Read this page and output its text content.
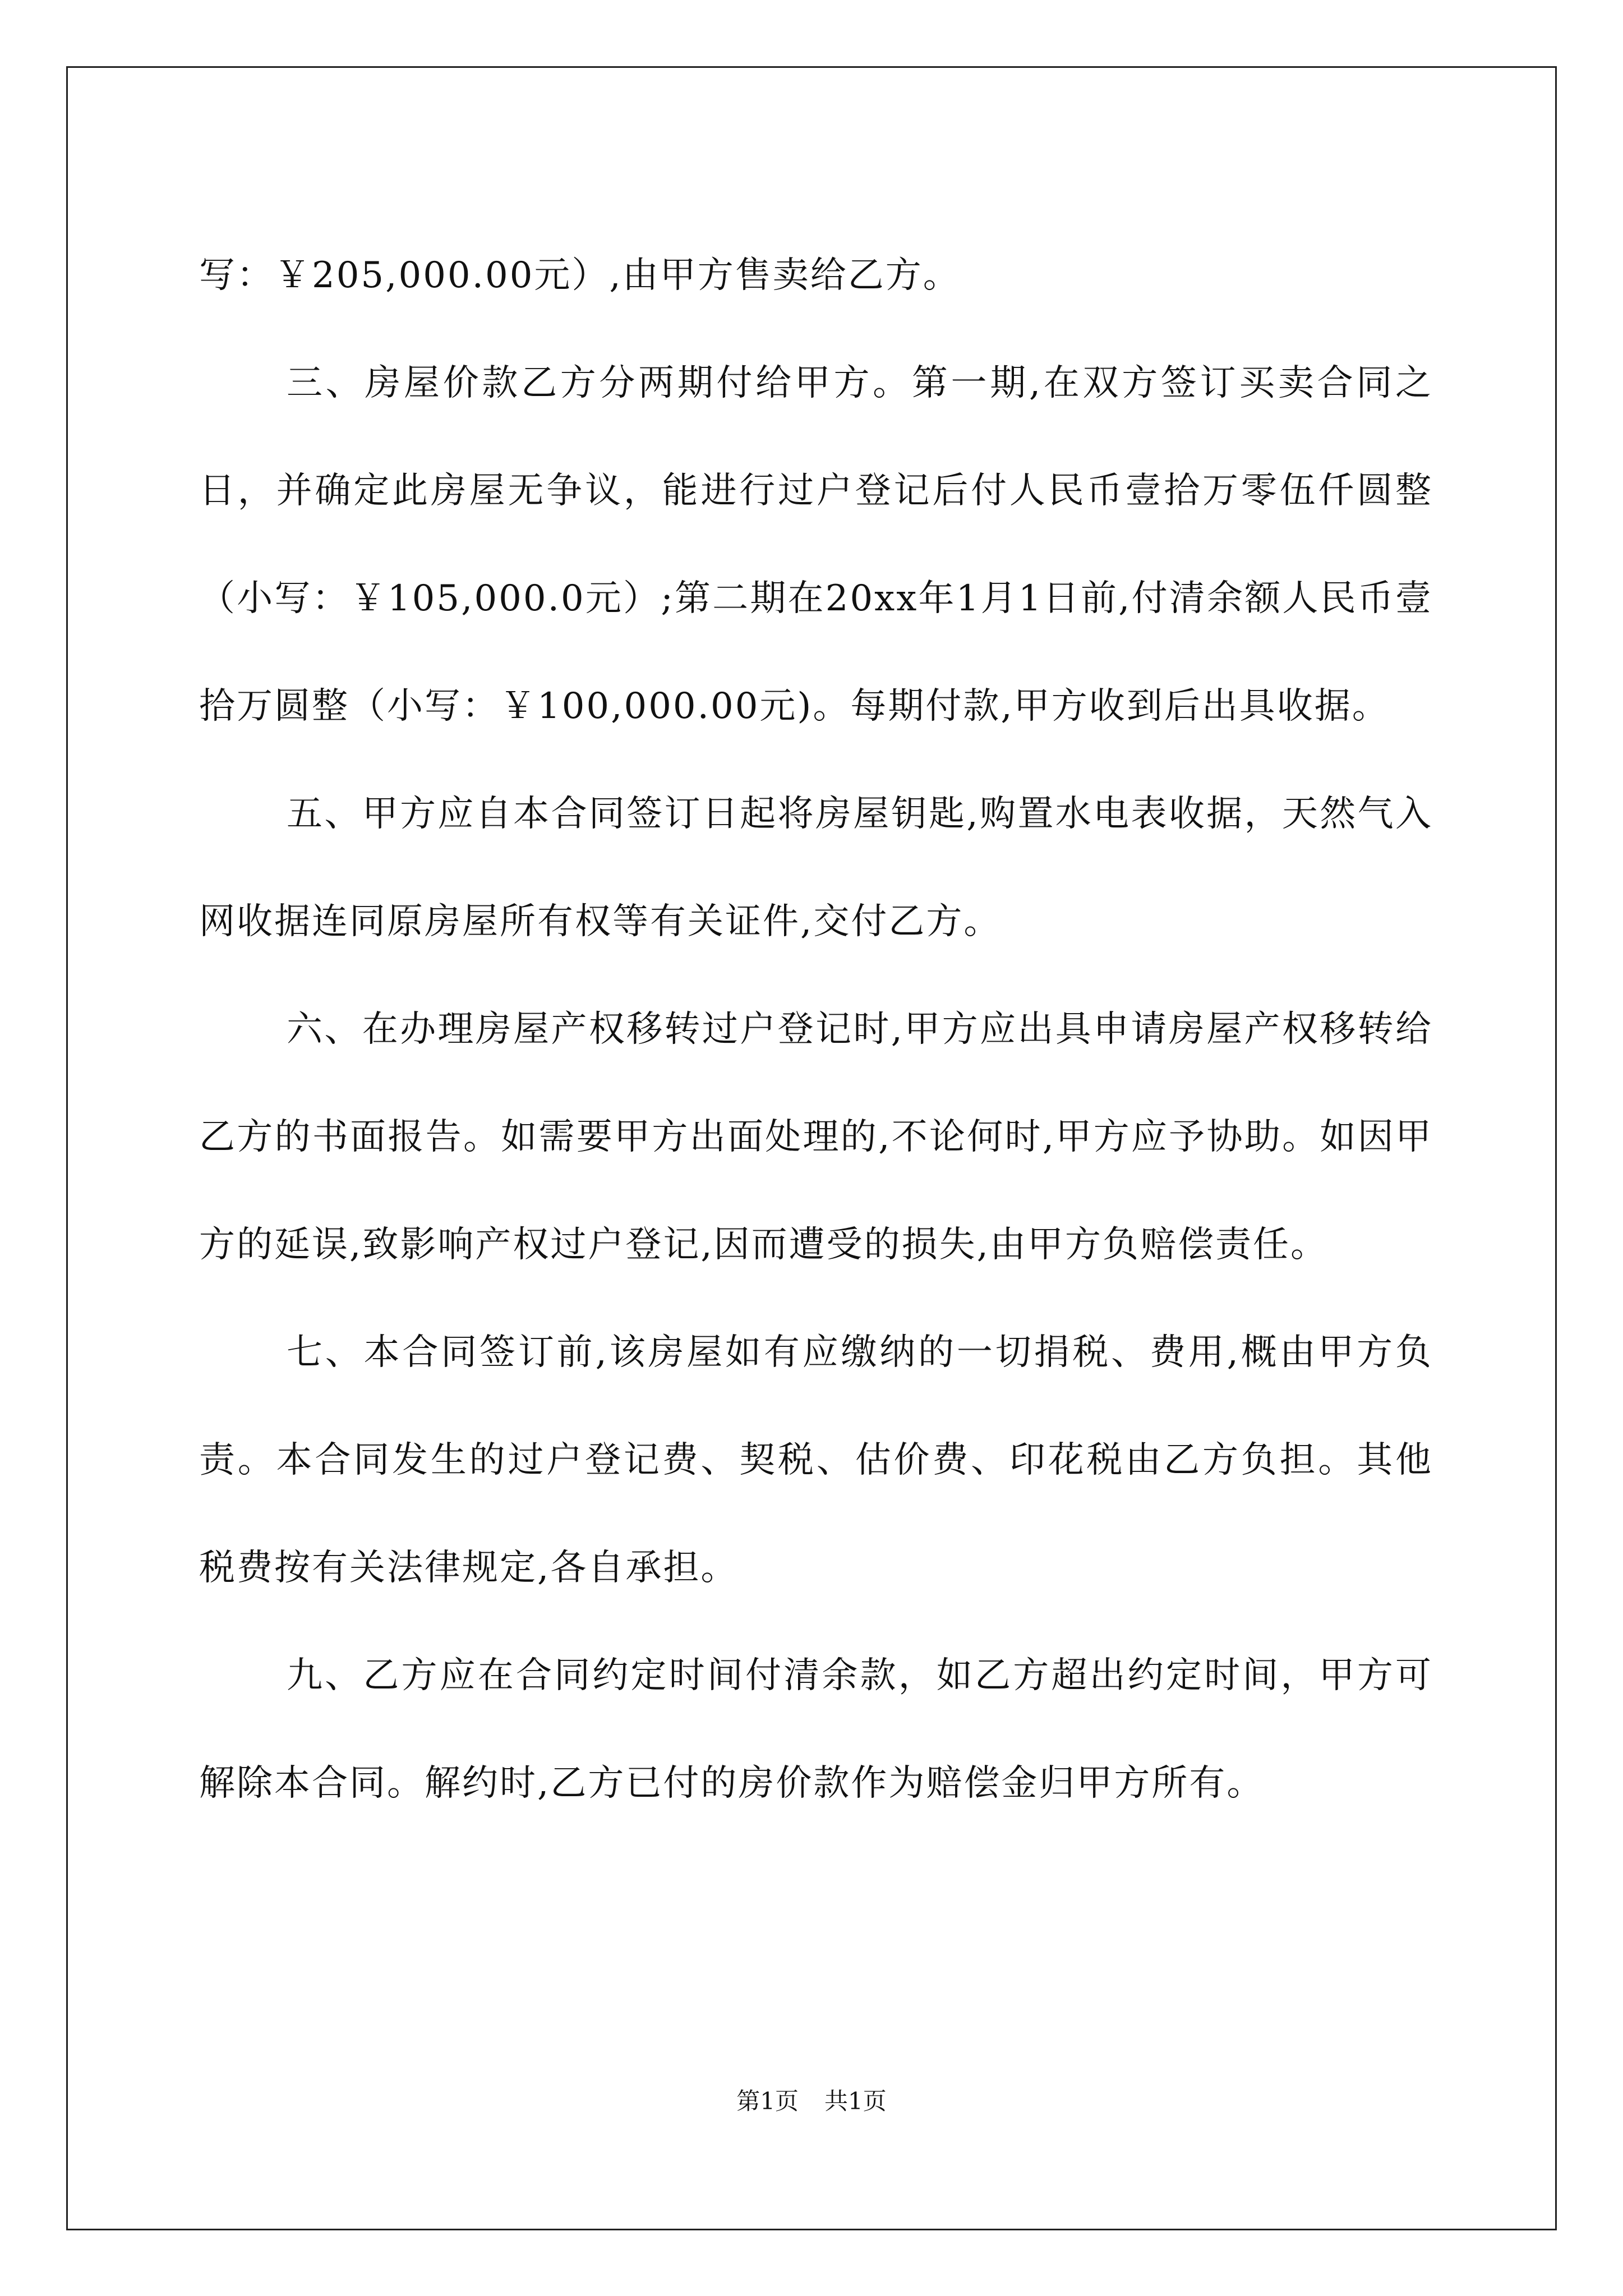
写：￥205,000.00元）,由甲方售卖给乙方。

三、房屋价款乙方分两期付给甲方。第一期,在双方签订买卖合同之日，并确定此房屋无争议，能进行过户登记后付人民币壹拾万零伍仟圆整（小写：￥105,000.0元）;第二期在20xx年1月1日前,付清余额人民币壹拾万圆整（小写：￥100,000.00元)。每期付款,甲方收到后出具收据。

五、甲方应自本合同签订日起将房屋钥匙,购置水电表收据，天然气入网收据连同原房屋所有权等有关证件,交付乙方。

六、在办理房屋产权移转过户登记时,甲方应出具申请房屋产权移转给乙方的书面报告。如需要甲方出面处理的,不论何时,甲方应予协助。如因甲方的延误,致影响产权过户登记,因而遭受的损失,由甲方负赔偿责任。

七、本合同签订前,该房屋如有应缴纳的一切捐税、费用,概由甲方负责。本合同发生的过户登记费、契税、估价费、印花税由乙方负担。其他税费按有关法律规定,各自承担。

九、乙方应在合同约定时间付清余款，如乙方超出约定时间，甲方可解除本合同。解约时,乙方已付的房价款作为赔偿金归甲方所有。

第1页 共1页
